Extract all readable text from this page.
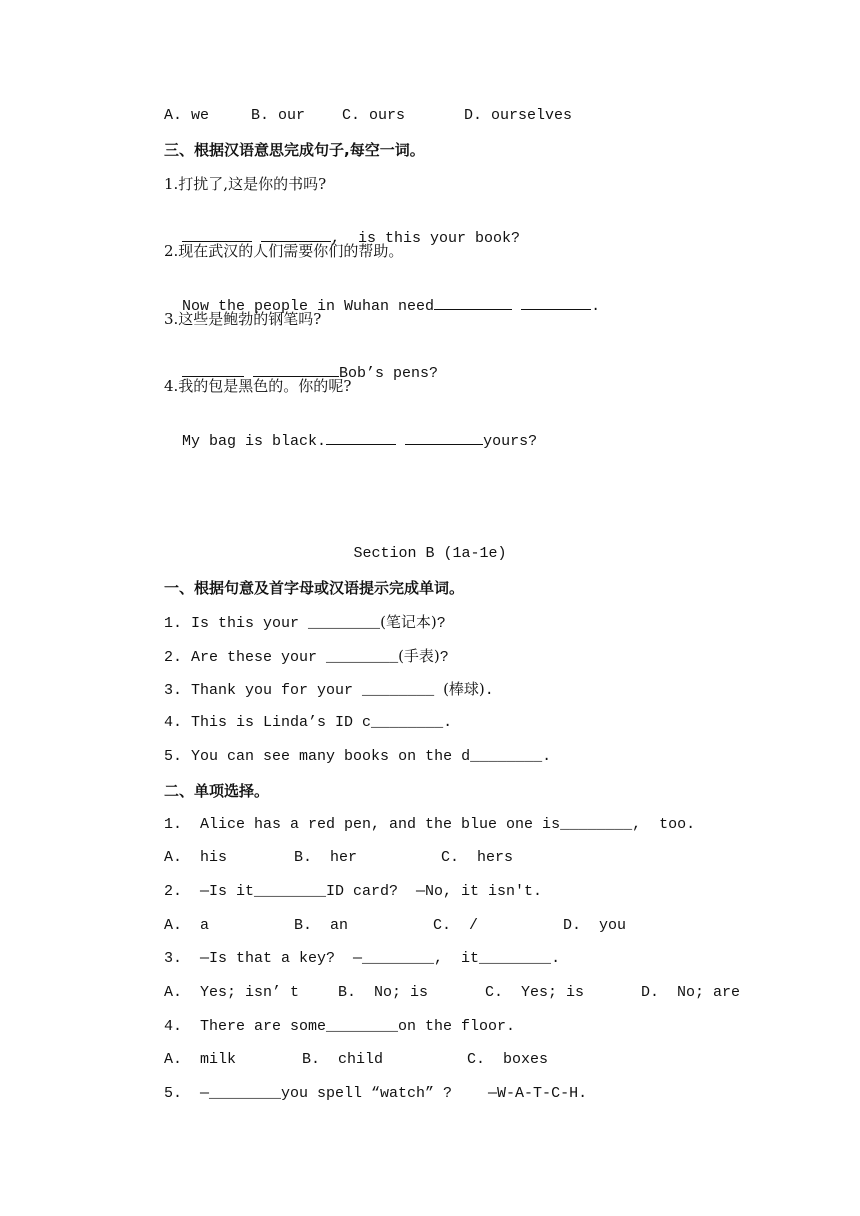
A. we	B. our C. ours	D. ourselves
三、根据汉语意思完成句子,每空一词。
1.打扰了,这是你的书吗?

,  is this your book?

2.现在武汉的人们需要你们的帮助。

Now the people in Wuhan need	.

3.这些是鲍勃的钢笔吗?

Bob’s pens?

4.我的包是黑色的。你的呢?

My bag is black.	yours?

Section B (1a-1e)
一、根据句意及首字母或汉语提示完成单词。
1. Is this your ________(笔记本)?
2. Are these your ________(手表)?
3. Thank you for your ________ (棒球).
4. This is Linda’s ID c________.
5. You can see many books on the d________.
二、单项选择。
1.  Alice has a red pen, and the blue one is________,  too.
A.  his	B.  her	C.  hers
2.  —Is it________ID card?  —No, it isn't.
A.  a	B.  an	C.  /	D.  you
3.  —Is that a key?  —________,  it________.
A.  Yes; isn’ t	B.  No; is	C.  Yes; is	D.  No; are
4.  There are some________on the floor.
A.  milk	B.  child	C.  boxes
5.  —________you spell “watch” ?    —W-A-T-C-H.
